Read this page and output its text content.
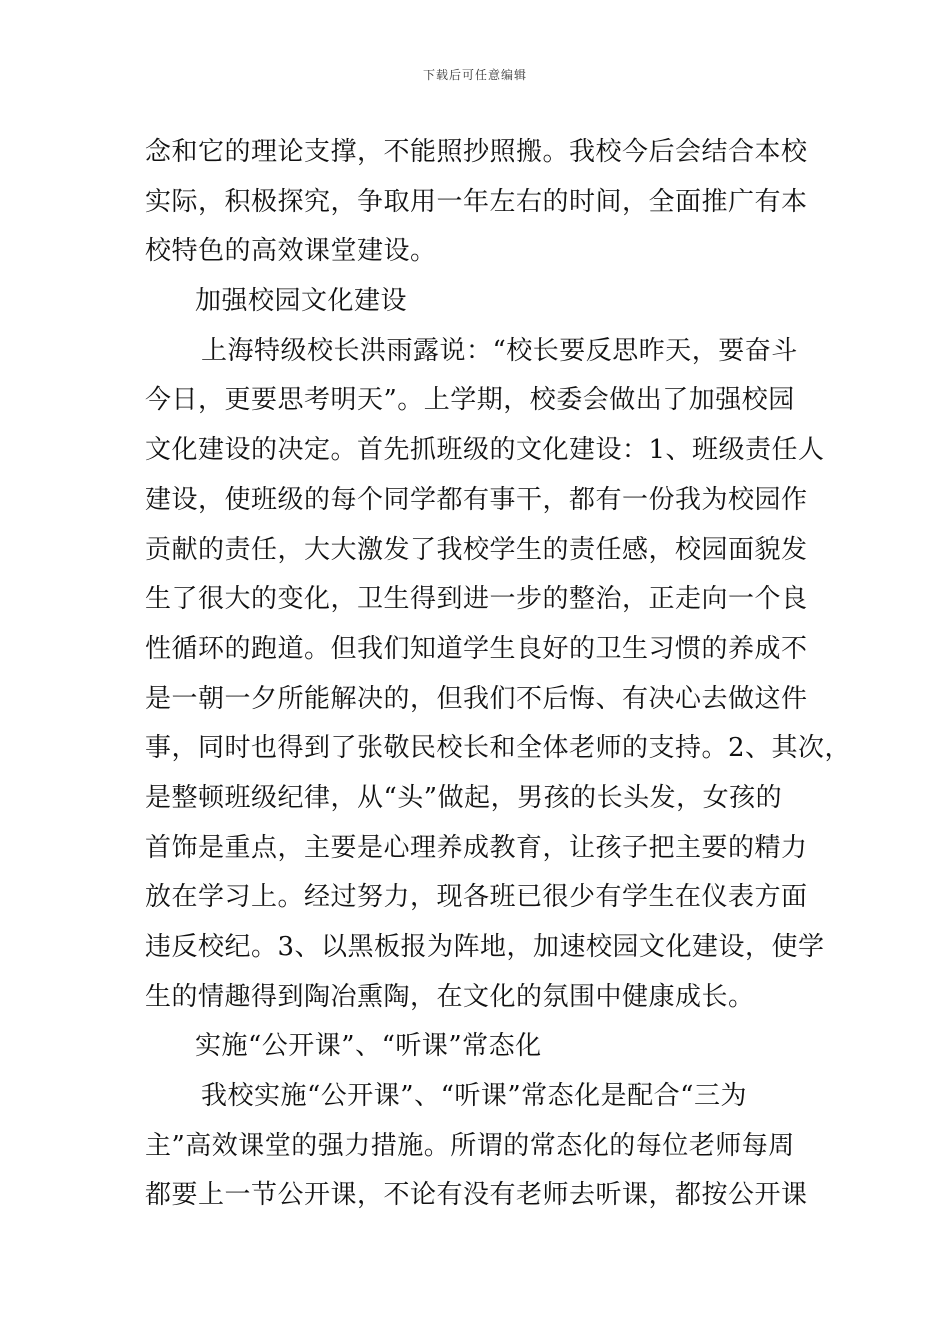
下载后可任意编辑
念和它的理论支撑，不能照抄照搬。我校今后会结合本校
实际，积极探究，争取用一年左右的时间，全面推广有本
校特色的高效课堂建设。
加强校园文化建设
上海特级校长洪雨露说：“校长要反思昨天，要奋斗
今日，更要思考明天”。上学期，校委会做出了加强校园
文化建设的决定。首先抓班级的文化建设：1、班级责任人
建设，使班级的每个同学都有事干，都有一份我为校园作
贡献的责任，大大激发了我校学生的责任感，校园面貌发
生了很大的变化，卫生得到进一步的整治，正走向一个良
性循环的跑道。但我们知道学生良好的卫生习惯的养成不
是一朝一夕所能解决的，但我们不后悔、有决心去做这件
事，同时也得到了张敬民校长和全体老师的支持。2、其次，
是整顿班级纪律，从“头”做起，男孩的长头发，女孩的
首饰是重点，主要是心理养成教育，让孩子把主要的精力
放在学习上。经过努力，现各班已很少有学生在仪表方面
违反校纪。3、以黑板报为阵地，加速校园文化建设，使学
生的情趣得到陶冶熏陶，在文化的氛围中健康成长。
实施“公开课”、“听课”常态化
我校实施“公开课”、“听课”常态化是配合“三为
主”高效课堂的强力措施。所谓的常态化的每位老师每周
都要上一节公开课，不论有没有老师去听课，都按公开课
